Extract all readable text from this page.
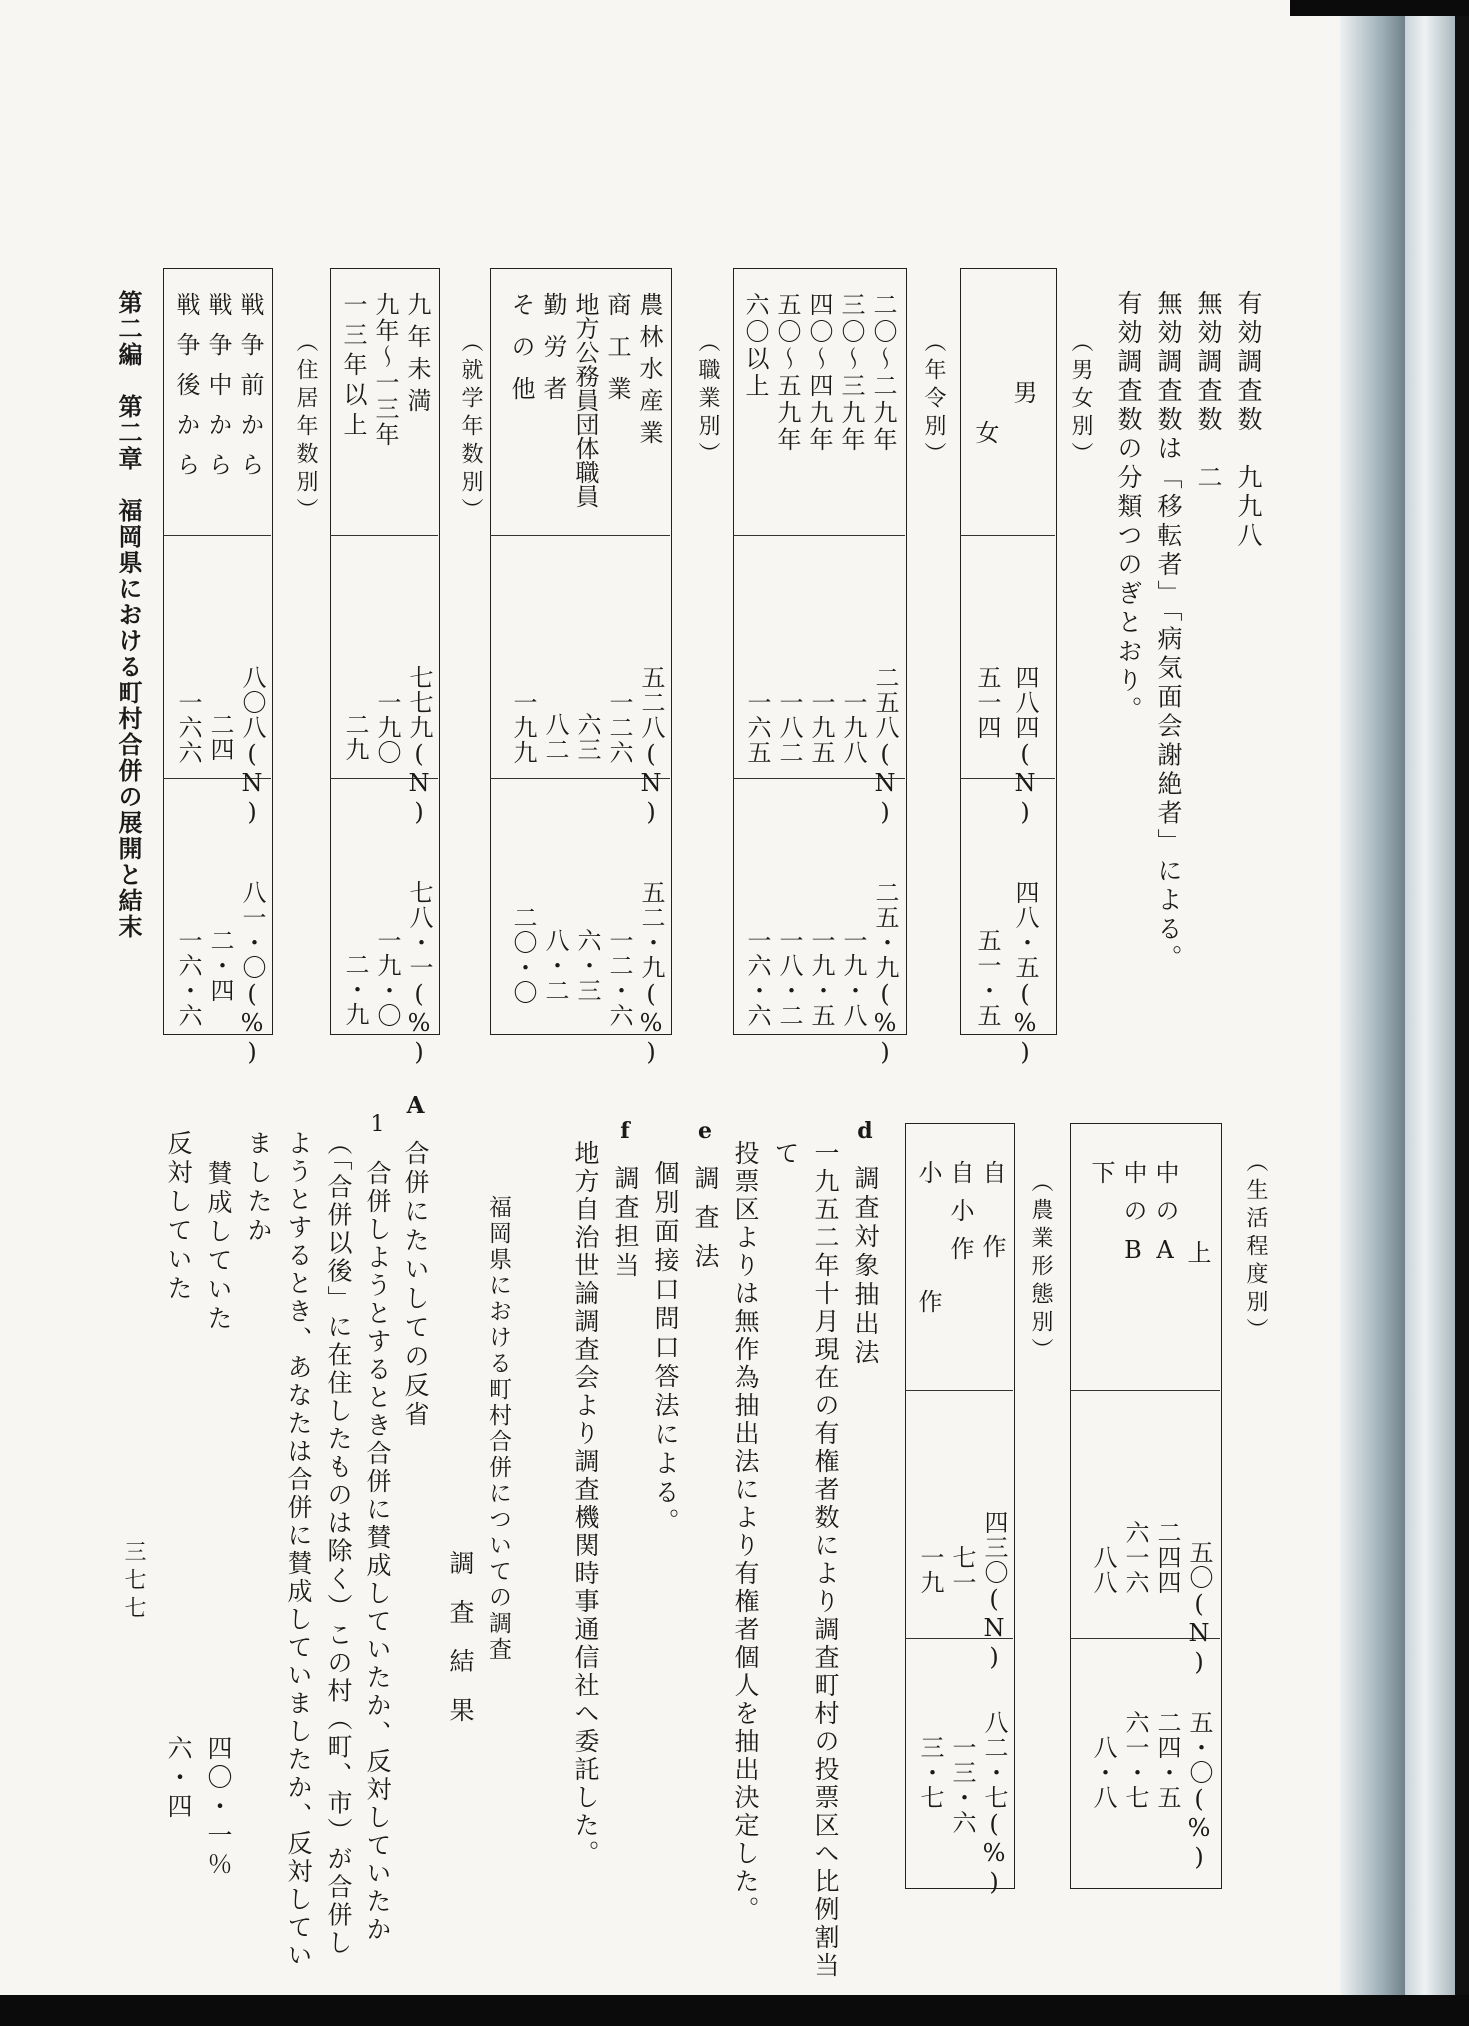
有効調査数　九九八
無効調査数　二
無効調査数は「移転者」「病気面会謝絶者」による。
有効調査数の分類つのぎとおり。
（男女別）
男
女
四八四(N)
五一四
四八・五(%)
五一・五
（年令別）
二〇〜二九年
三〇〜三九年
四〇〜四九年
五〇〜五九年
六〇以上
二五八(N)
一九八
一九五
一八二
一六五
二五・九(%)
一九・八
一九・五
一八・二
一六・六
（職業別）
農林水産業
商工業
地方公務員団体職員
勤労者
その他
五二八(N)
一二六
六三
八二
一九九
五二・九(%)
一二・六
六・三
八・二
二〇・〇
（就学年数別）
九年未満
九年〜一三年
一三年以上
七七九(N)
一九〇
二九
七八・一(%)
一九・〇
二・九
（住居年数別）
戦争前から
戦争中から
戦争後から
八〇八(N)
二四
一六六
八一・〇(%)
二・四
一六・六
第二編　第二章　福岡県における町村合併の展開と結末
（生活程度別）
上
中のA
中のB
下
五〇(N)
二四四
六一六
八八
五・〇(%)
二四・五
六一・七
八・八
（農業形態別）
自作
自小作
小作
四三〇(N)
七一
一九
八二・七(%)
一三・六
三・七
d
調査対象抽出法
一九五二年十月現在の有権者数により調査町村の投票区へ比例割当
て
投票区よりは無作為抽出法により有権者個人を抽出決定した。
e
調査法
個別面接口問口答法による。
f
調査担当
地方自治世論調査会より調査機関時事通信社へ委託した。
福岡県における町村合併についての調査
調査結果
A
合併にたいしての反省
1
合併しようとするとき合併に賛成していたか、反対していたか
（「合併以後」に在住したものは除く）この村（町、市）が合併し
ようとするとき、あなたは合併に賛成していましたか、反対してい
ましたか
賛成していた
四〇・一％
反対していた
六・四
三七七
